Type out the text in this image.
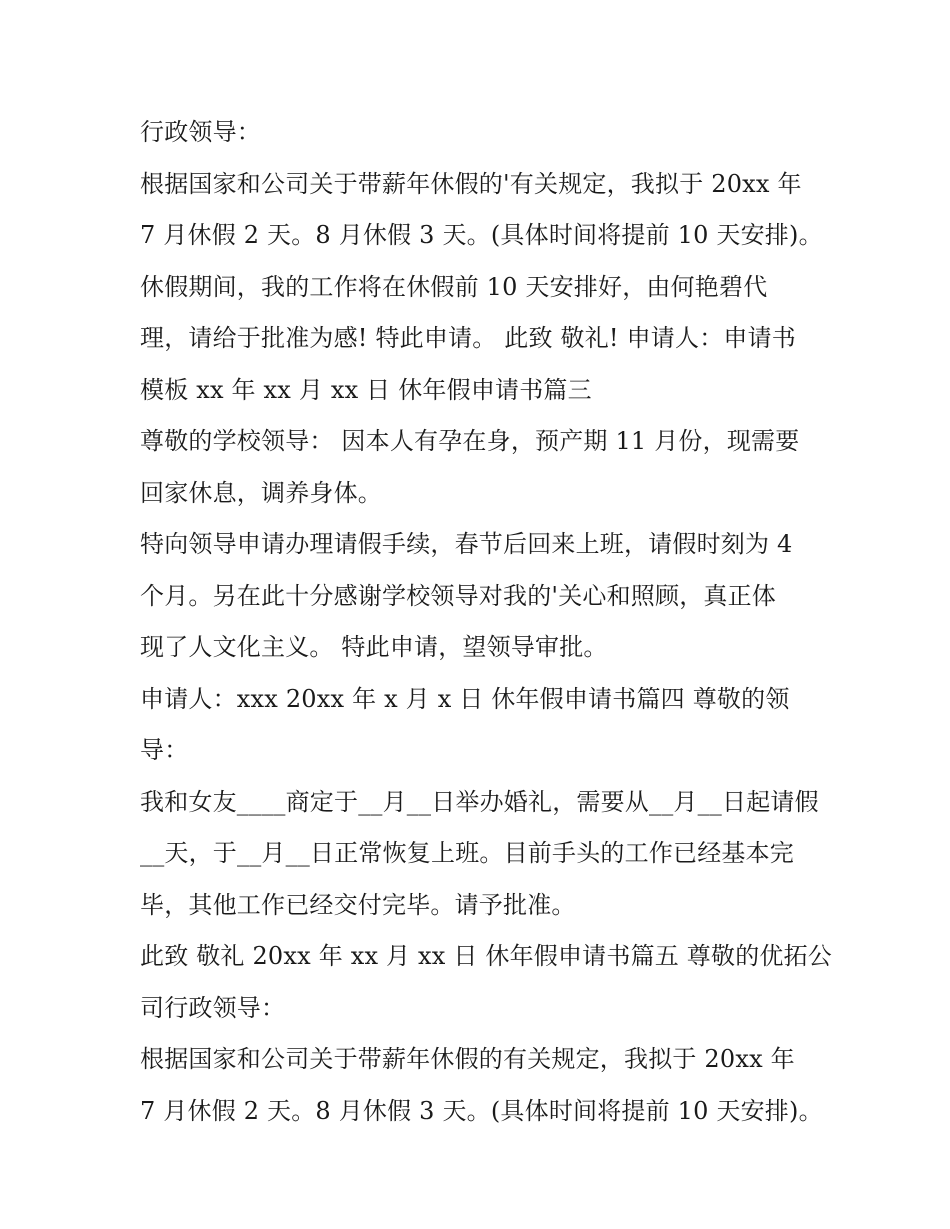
行政领导：
根据国家和公司关于带薪年休假的'有关规定，我拟于 20xx 年
7 月休假 2 天。8 月休假 3 天。(具体时间将提前 10 天安排)。
休假期间，我的工作将在休假前 10 天安排好，由何艳碧代
理，请给于批准为感! 特此申请。 此致 敬礼! 申请人：申请书
模板 xx 年 xx 月 xx 日 休年假申请书篇三
尊敬的学校领导： 因本人有孕在身，预产期 11 月份，现需要
回家休息，调养身体。
特向领导申请办理请假手续，春节后回来上班，请假时刻为 4
个月。另在此十分感谢学校领导对我的'关心和照顾，真正体
现了人文化主义。 特此申请，望领导审批。
申请人：xxx 20xx 年 x 月 x 日 休年假申请书篇四 尊敬的领
导：
我和女友____商定于__月__日举办婚礼，需要从__月__日起请假
__天，于__月__日正常恢复上班。目前手头的工作已经基本完
毕，其他工作已经交付完毕。请予批准。
此致 敬礼 20xx 年 xx 月 xx 日 休年假申请书篇五 尊敬的优拓公
司行政领导：
根据国家和公司关于带薪年休假的有关规定，我拟于 20xx 年
7 月休假 2 天。8 月休假 3 天。(具体时间将提前 10 天安排)。
